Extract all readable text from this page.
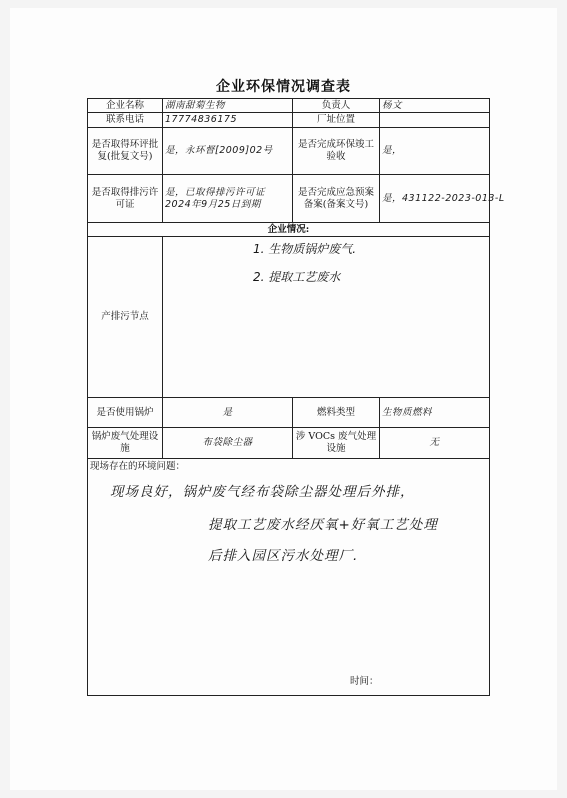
企业环保情况调查表
企业名称	湖南甜菊生物	负责人	杨文
联系电话	17774836175	厂址位置	
是否取得环评批复(批复文号)	是，永环督[2009]02号	是否完成环保竣工验收	是，
是否取得排污许可证	是，已取得排污许可证 2024年9月25日到期	是否完成应急预案备案(备案文号)	是，431122-2023-013-L
企业情况:			
产排污节点	1. 生物质锅炉废气.
2. 提取工艺废水		

是否使用锅炉	是	燃料类型	生物质燃料
锅炉废气处理设施	布袋除尘器	涉 VOCs 废气处理设施	无

现场存在的环境问题：
现场良好，锅炉废气经布袋除尘器处理后外排，
提取工艺废水经厌氧+好氧工艺处理
后排入园区污水处理厂.
时间：			
